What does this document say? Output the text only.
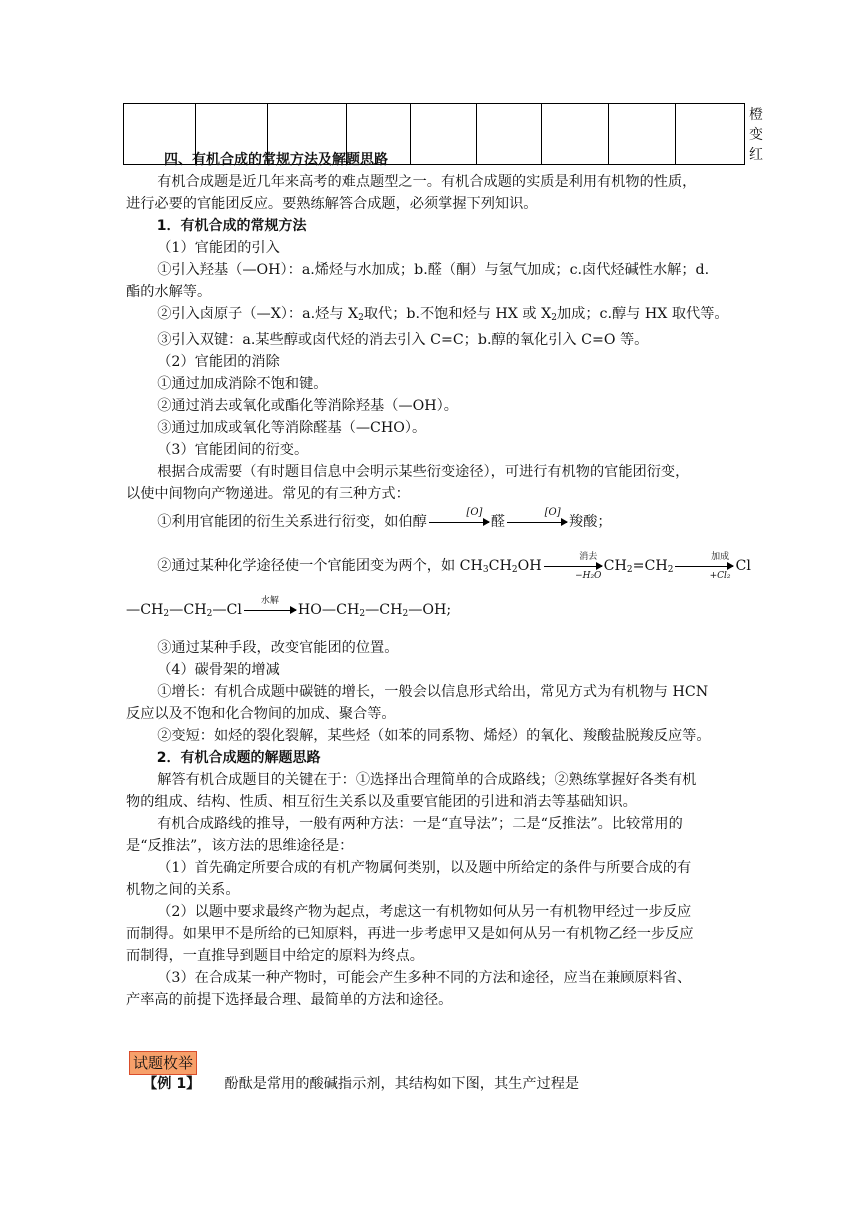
									橙变红

四、有机合成的常规方法及解题思路

有机合成题是近几年来高考的难点题型之一。有机合成题的实质是利用有机物的性质，

进行必要的官能团反应。要熟练解答合成题，必须掌握下列知识。

1．有机合成的常规方法

（1）官能团的引入

①引入羟基（—OH）：a.烯烃与水加成；b.醛（酮）与氢气加成；c.卤代烃碱性水解；d.

酯的水解等。

②引入卤原子（—X）：a.烃与 $X_2$取代；b.不饱和烃与 HX 或 $X_2$加成；c.醇与 HX 取代等。

③引入双键：a.某些醇或卤代烃的消去引入 C=C；b.醇的氧化引入 C=O 等。

（2）官能团的消除

①通过加成消除不饱和键。

②通过消去或氧化或酯化等消除羟基（—OH）。

③通过加成或氧化等消除醛基（—CHO）。

（3）官能团间的衍变。

根据合成需要（有时题目信息中会明示某些衍变途径），可进行有机物的官能团衍变，

以使中间物向产物递进。常见的有三种方式：

①利用官能团的衍生关系进行衍变，如伯醇
[O]
醛
[O]
羧酸；

②通过某种化学途径使一个官能团变为两个，如 $CH_3CH_2OH$
消去
−H₂O
$CH_2=CH_2$
加成
+Cl₂
Cl

$—CH_2—CH_2—Cl$
水解
$HO—CH_2—CH_2—OH$;

③通过某种手段，改变官能团的位置。

（4）碳骨架的增减

①增长：有机合成题中碳链的增长，一般会以信息形式给出，常见方式为有机物与 HCN

反应以及不饱和化合物间的加成、聚合等。

②变短：如烃的裂化裂解，某些烃（如苯的同系物、烯烃）的氧化、羧酸盐脱羧反应等。

2．有机合成题的解题思路

解答有机合成题目的关键在于：①选择出合理简单的合成路线；②熟练掌握好各类有机

物的组成、结构、性质、相互衍生关系以及重要官能团的引进和消去等基础知识。

有机合成路线的推导，一般有两种方法：一是“直导法”；二是“反推法”。比较常用的

是“反推法”，该方法的思维途径是：

（1）首先确定所要合成的有机产物属何类别，以及题中所给定的条件与所要合成的有

机物之间的关系。

（2）以题中要求最终产物为起点，考虑这一有机物如何从另一有机物甲经过一步反应

而制得。如果甲不是所给的已知原料，再进一步考虑甲又是如何从另一有机物乙经一步反应

而制得，一直推导到题目中给定的原料为终点。

（3）在合成某一种产物时，可能会产生多种不同的方法和途径，应当在兼顾原料省、

产率高的前提下选择最合理、最简单的方法和途径。

试题枚举
【例 1】 酚酞是常用的酸碱指示剂，其结构如下图，其生产过程是
